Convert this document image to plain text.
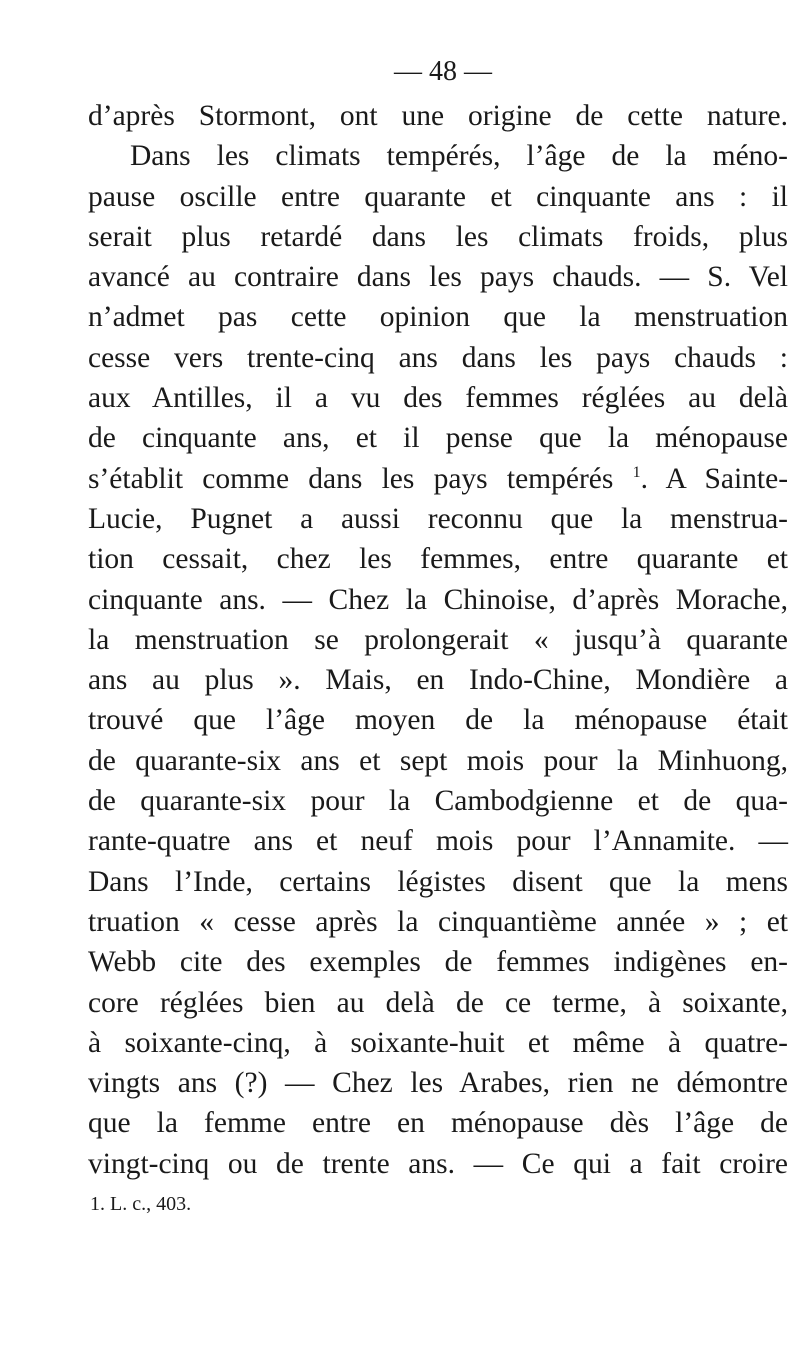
— 48 —
d’après Stormont, ont une origine de cette nature.
Dans les climats tempérés, l’âge de la méno-
pause oscille entre quarante et cinquante ans : il
serait plus retardé dans les climats froids, plus
avancé au contraire dans les pays chauds. — S. Vel
n’admet pas cette opinion que la menstruation
cesse vers trente-cinq ans dans les pays chauds :
aux Antilles, il a vu des femmes réglées au delà
de cinquante ans, et il pense que la ménopause
s’établit comme dans les pays tempérés $^1$. A Sainte-
Lucie, Pugnet a aussi reconnu que la menstrua-
tion cessait, chez les femmes, entre quarante et
cinquante ans. — Chez la Chinoise, d’après Morache,
la menstruation se prolongerait « jusqu’à quarante
ans au plus ». Mais, en Indo-Chine, Mondière a
trouvé que l’âge moyen de la ménopause était
de quarante-six ans et sept mois pour la Minhuong,
de quarante-six pour la Cambodgienne et de qua-
rante-quatre ans et neuf mois pour l’Annamite. —
Dans l’Inde, certains légistes disent que la mens
truation « cesse après la cinquantième année » ; et
Webb cite des exemples de femmes indigènes en-
core réglées bien au delà de ce terme, à soixante,
à soixante-cinq, à soixante-huit et même à quatre-
vingts ans (?) — Chez les Arabes, rien ne démontre
que la femme entre en ménopause dès l’âge de
vingt-cinq ou de trente ans. — Ce qui a fait croire
1. L. c., 403.
